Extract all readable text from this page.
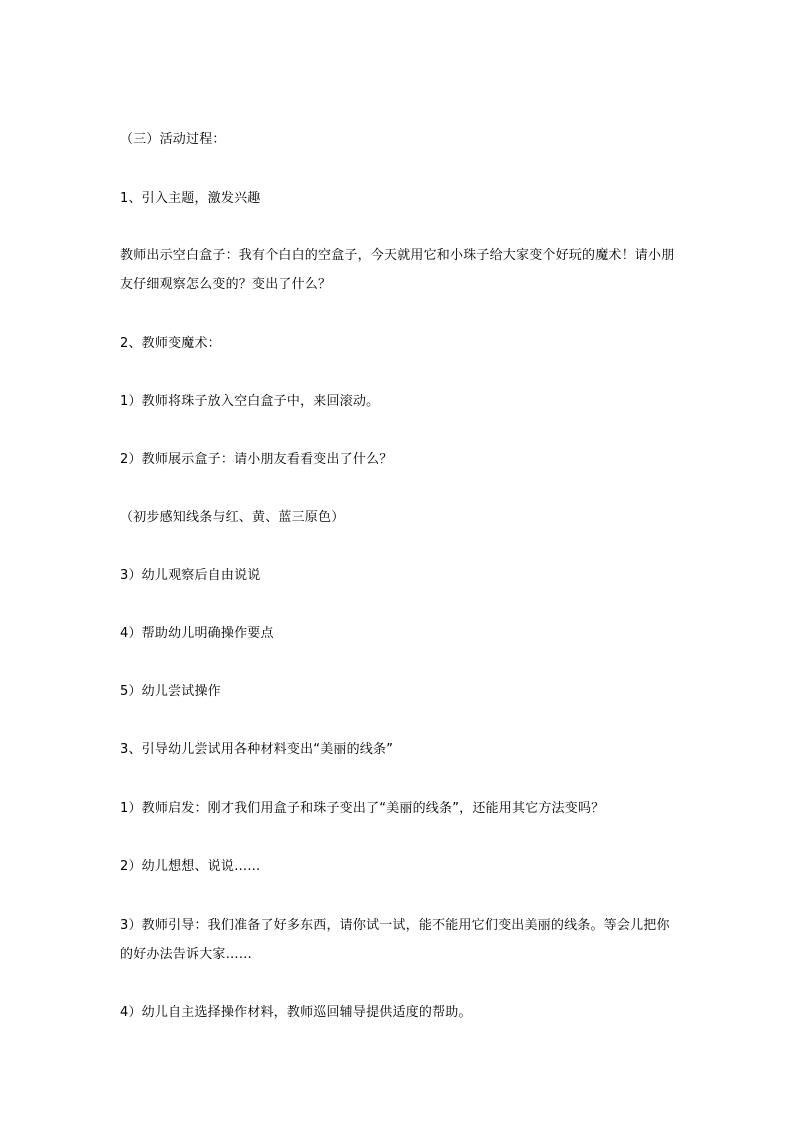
（三）活动过程：
1、引入主题，激发兴趣
教师出示空白盒子：我有个白白的空盒子，今天就用它和小珠子给大家变个好玩的魔术！请小朋友仔细观察怎么变的？变出了什么？
2、教师变魔术：
1）教师将珠子放入空白盒子中，来回滚动。
2）教师展示盒子：请小朋友看看变出了什么？
（初步感知线条与红、黄、蓝三原色）
3）幼儿观察后自由说说
4）帮助幼儿明确操作要点
5）幼儿尝试操作
3、引导幼儿尝试用各种材料变出“美丽的线条”
1）教师启发：刚才我们用盒子和珠子变出了“美丽的线条”，还能用其它方法变吗？
2）幼儿想想、说说……
3）教师引导：我们准备了好多东西，请你试一试，能不能用它们变出美丽的线条。等会儿把你的好办法告诉大家……
4）幼儿自主选择操作材料，教师巡回辅导提供适度的帮助。
